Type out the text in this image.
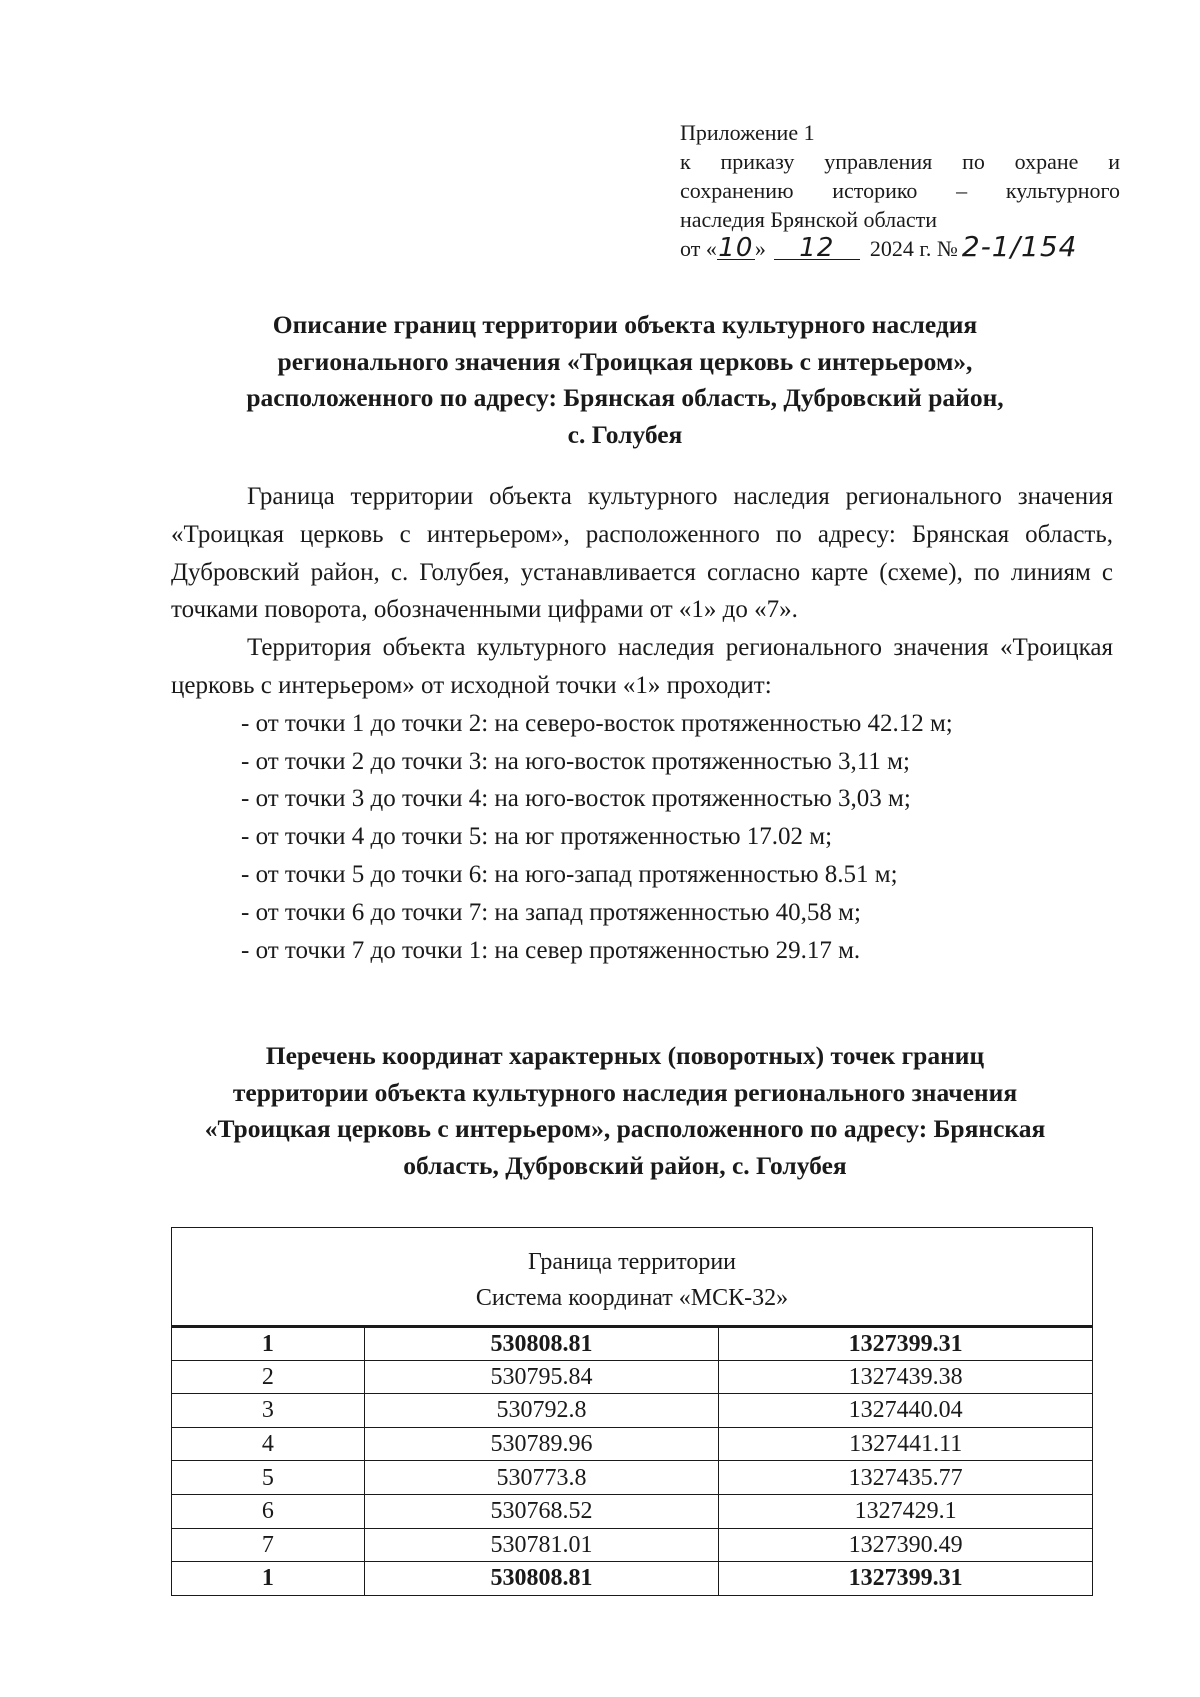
Приложение 1
к приказу управления по охране и
сохранению историко – культурного
наследия Брянской области
от « 10 »	12	2024 г. № 2-1/154
Описание границ территории объекта культурного наследия
регионального значения «Троицкая церковь с интерьером»,
расположенного по адресу: Брянская область, Дубровский район,
с. Голубея

Граница территории объекта культурного наследия регионального значения «Троицкая церковь с интерьером», расположенного по адресу: Брянская область, Дубровский район, с. Голубея, устанавливается согласно карте (схеме), по линиям с точками поворота, обозначенными цифрами от «1» до «7».

Территория объекта культурного наследия регионального значения «Троицкая церковь с интерьером» от исходной точки «1» проходит:

- от точки 1 до точки 2: на северо-восток протяженностью 42.12 м;
- от точки 2 до точки 3: на юго-восток протяженностью 3,11 м;
- от точки 3 до точки 4: на юго-восток протяженностью 3,03 м;
- от точки 4 до точки 5: на юг протяженностью 17.02 м;
- от точки 5 до точки 6: на юго-запад протяженностью 8.51 м;
- от точки 6 до точки 7: на запад протяженностью 40,58 м;
- от точки 7 до точки 1: на север протяженностью 29.17 м.
Перечень координат характерных (поворотных) точек границ
территории объекта культурного наследия регионального значения
«Троицкая церковь с интерьером», расположенного по адресу: Брянская
область, Дубровский район, с. Голубея
Граница территории
Система координат «МСК-32»		
1	530808.81	1327399.31
2	530795.84	1327439.38
3	530792.8	1327440.04
4	530789.96	1327441.11
5	530773.8	1327435.77
6	530768.52	1327429.1
7	530781.01	1327390.49
1	530808.81	1327399.31
